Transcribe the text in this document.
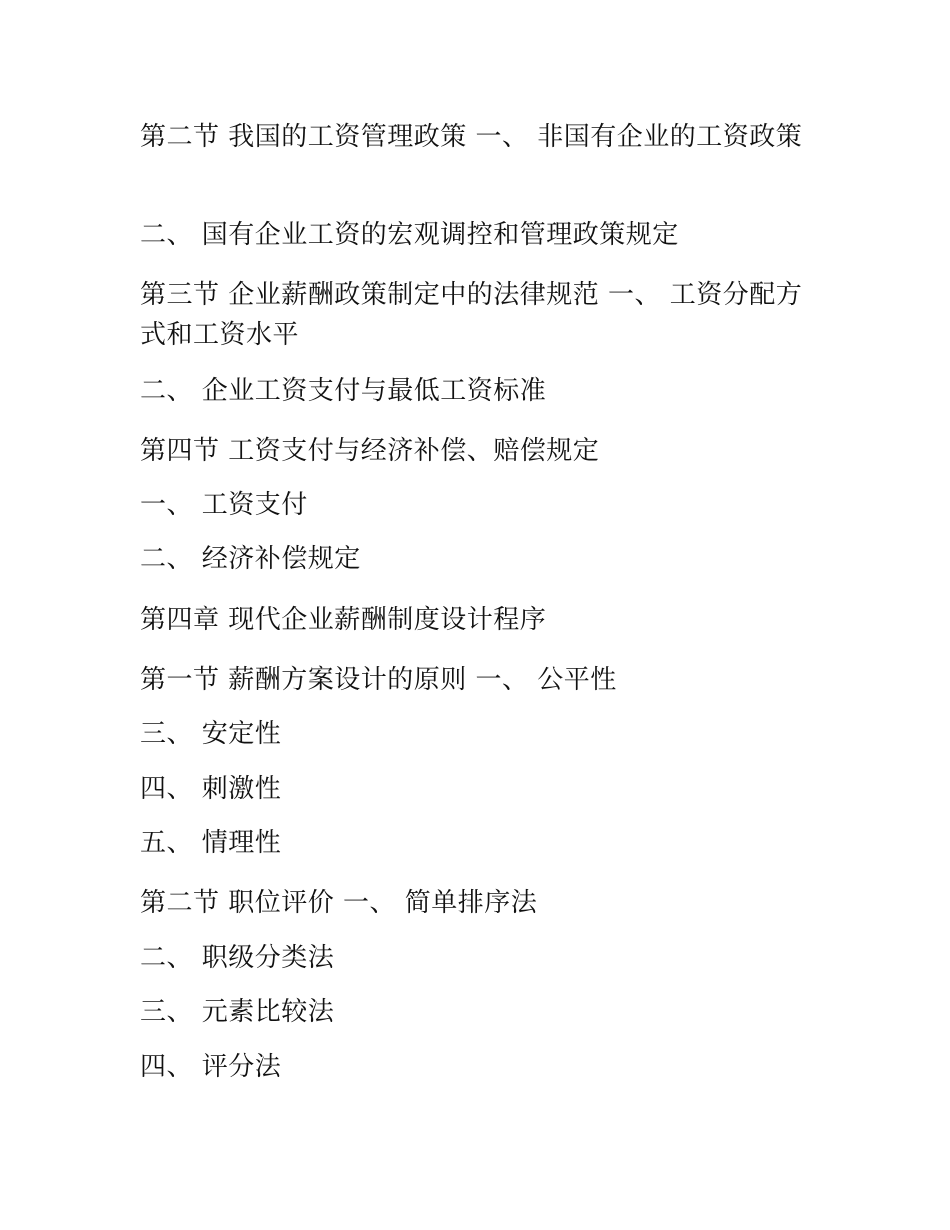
第二节 我国的工资管理政策 一、 非国有企业的工资政策
二、 国有企业工资的宏观调控和管理政策规定
第三节 企业薪酬政策制定中的法律规范 一、 工资分配方式和工资水平
二、 企业工资支付与最低工资标准
第四节 工资支付与经济补偿、赔偿规定
一、 工资支付
二、 经济补偿规定
第四章 现代企业薪酬制度设计程序
第一节 薪酬方案设计的原则 一、 公平性
三、 安定性
四、 刺激性
五、 情理性
第二节 职位评价 一、 简单排序法
二、 职级分类法
三、 元素比较法
四、 评分法
